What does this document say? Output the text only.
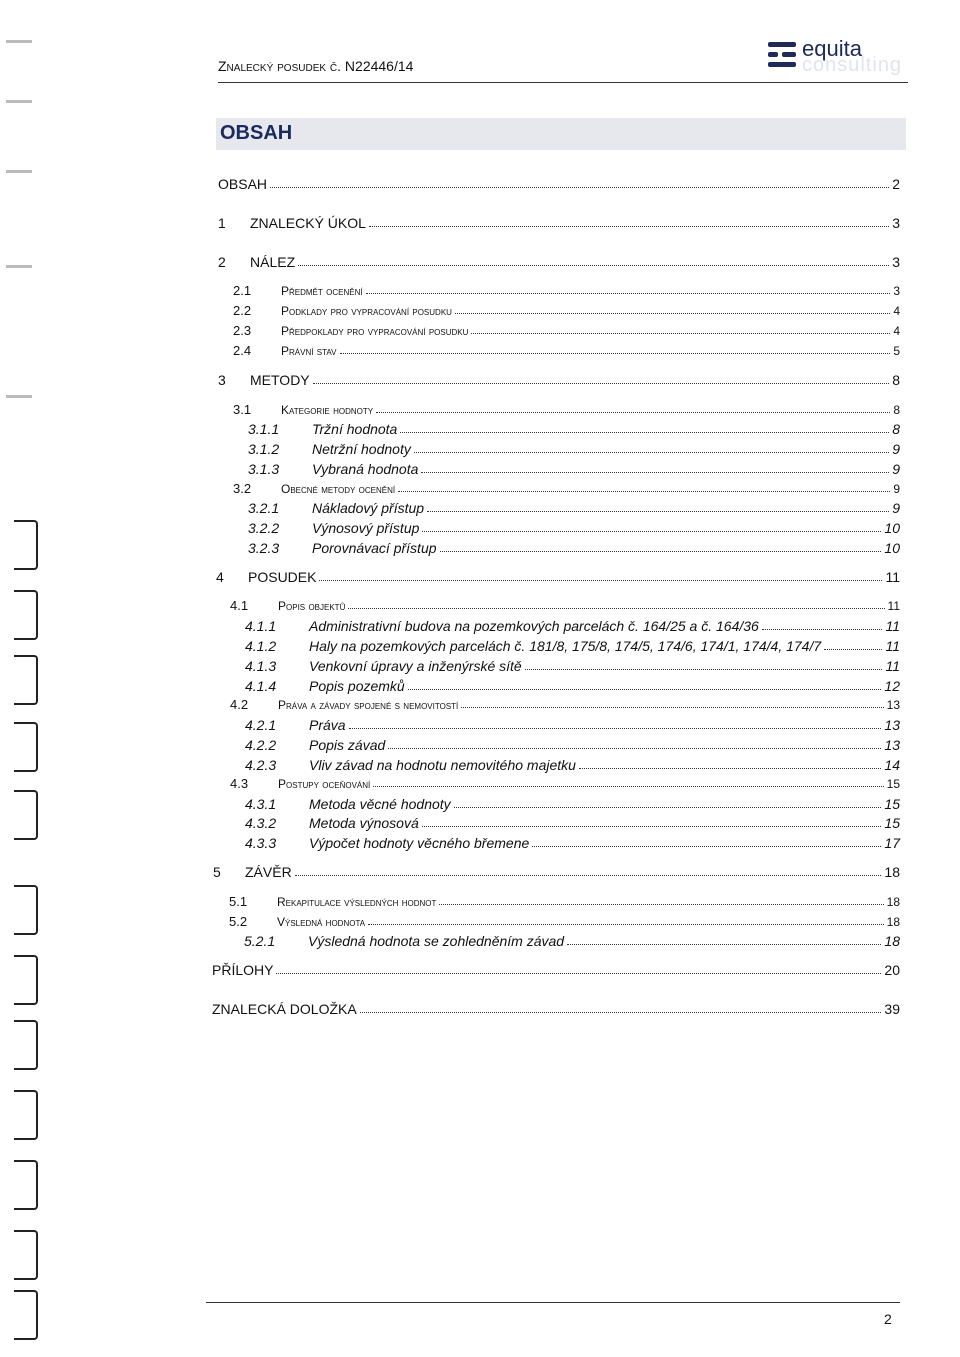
Znalecký posudek č. N22446/14
equita
consulting
OBSAH
OBSAH	2
1	ZNALECKÝ ÚKOL	3
2	NÁLEZ	3
2.1	Předmět ocenění	3
2.2	Podklady pro vypracování posudku	4
2.3	Předpoklady pro vypracování posudku	4
2.4	Právní stav	5
3	METODY	8
3.1	Kategorie hodnoty	8
3.1.1	Tržní hodnota	8
3.1.2	Netržní hodnoty	9
3.1.3	Vybraná hodnota	9
3.2	Obecné metody ocenění	9
3.2.1	Nákladový přístup	9
3.2.2	Výnosový přístup	10
3.2.3	Porovnávací přístup	10
4	POSUDEK	11
4.1	Popis objektů	11
4.1.1	Administrativní budova na pozemkových parcelách č. 164/25 a č. 164/36	11
4.1.2	Haly na pozemkových parcelách č. 181/8, 175/8, 174/5, 174/6, 174/1, 174/4, 174/7	11
4.1.3	Venkovní úpravy a inženýrské sítě	11
4.1.4	Popis pozemků	12
4.2	Práva a závady spojené s nemovitostí	13
4.2.1	Práva	13
4.2.2	Popis závad	13
4.2.3	Vliv závad na hodnotu nemovitého majetku	14
4.3	Postupy oceňování	15
4.3.1	Metoda věcné hodnoty	15
4.3.2	Metoda výnosová	15
4.3.3	Výpočet hodnoty věcného břemene	17
5	ZÁVĚR	18
5.1	Rekapitulace výsledných hodnot	18
5.2	Výsledná hodnota	18
5.2.1	Výsledná hodnota se zohledněním závad	18
PŘÍLOHY	20
ZNALECKÁ DOLOŽKA	39
2
